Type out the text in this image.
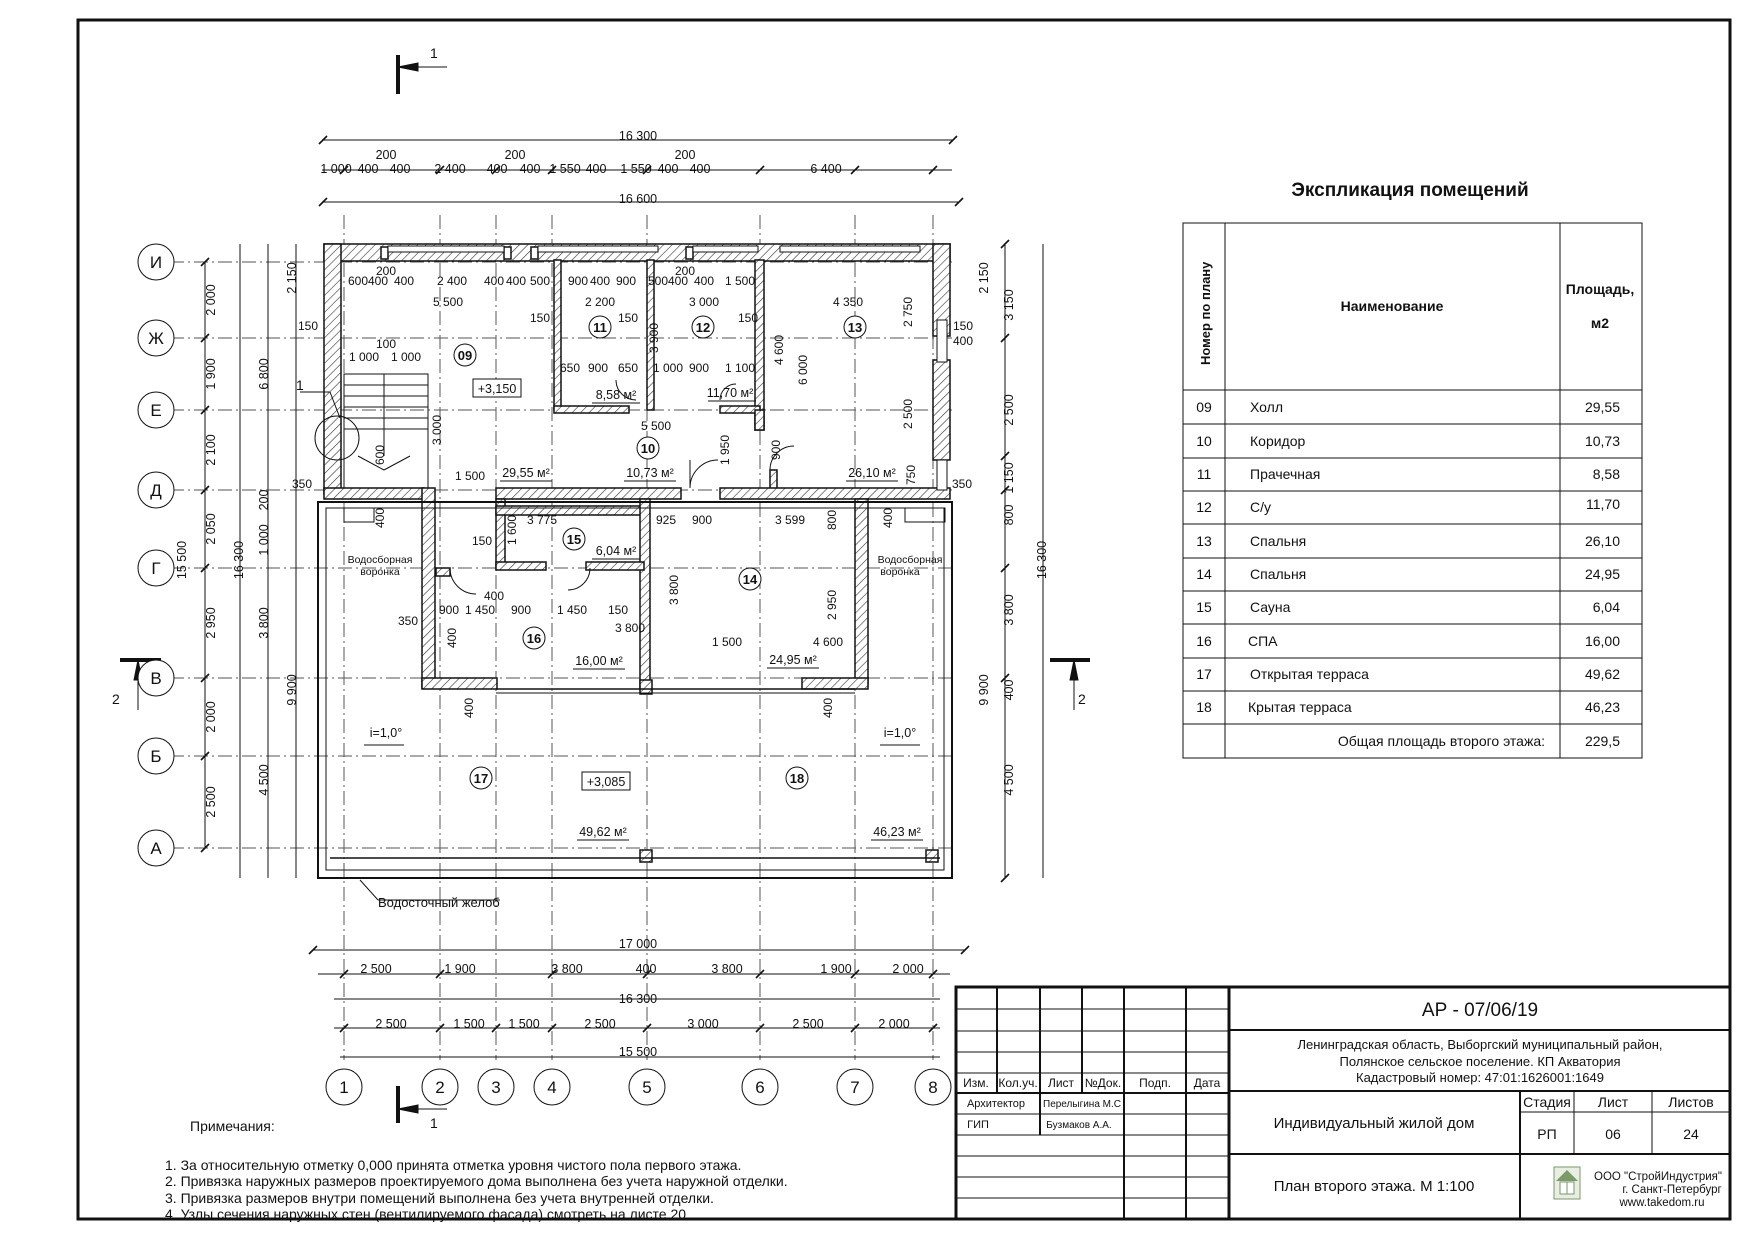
1
1
2	2
1
16 300
16 600
1 000 400 400 2 400 400 400 1 550 400 1 550 400 400	6 400
200	200	200
17 000
2 500	1 900	3 800	400	3 800	1 900	2 000
16 300
2 500	1 500 1 500	2 500	3 000	2 500	2 000
15 500
2 000
1 900
2 100
2 050
2 950
2 000
2 500
6 800
200
1 000
3 800
4 500
15 500	16 300
2 150
9 900
2 150
3 150
2 500
1 150
800
3 800
400
4 500
16 300
9 900
600 400 400 2 400 400 400 500 900 400 900 500 400 400 1 500
200	200
5 500	2 200	3 000	4 350
150
150	150	150
150
400
100
1 000 1 000
3 900
650 900 650 1 000 900 1 100
4 600
6 000
2 750
2 500
5 500
3 000
1 500
1 950	900
750
350	350
3 775	925 900	3 599 800	400
1 600
150
400
400
350
900 1 450 900 1 450 150
3 800
1 500	4 600
3 800	2 950
400
400	400
600
09
10
11	12	13
14
15
16
17	18
29,55 м²	10,73 м²
8,58 м²	11,70 м²
26,10 м²
24,95 м²
6,04 м²
16,00 м²
49,62 м²	46,23 м²
+3,150
+3,085
i=1,0°	i=1,0°
Водосборная
воронка
Водосборная
воронка
Водосточный желоб
И
Ж
Е
Д
Г
В
Б
А
1	2	3	4	5	6	7	8
Номер по плану	Наименование
Площадь,
м2
09	Холл	29,55
10	Коридор	10,73
11	Прачечная	8,58
12	С/у	11,70
13	Спальня	26,10
14	Спальня	24,95
15	Сауна	6,04
16	СПА	16,00
17	Открытая терраса	49,62
18	Крытая терраса	46,23
Общая площадь второго этажа:	229,5
Изм. Кол.уч. Лист №Док. Подп. Дата
Архитектор Перелыгина М.С
ГИП	Бузмаков А.А.
АР - 07/06/19
Ленинградская область, Выборгский муниципальный район,
Полянское сельское поселение. КП Акватория
Кадастровый номер: 47:01:1626001:1649
Индивидуальный жилой дом
План второго этажа. М 1:100
Стадия Лист	Листов
РП	06	24
ООО "СтройИндустрия"
г. Санкт-Петербург
www.takedom.ru
Экспликация помещений
Примечания:
1. За относительную отметку 0,000 принята отметка уровня чистого пола первого этажа.
2. Привязка наружных размеров проектируемого дома выполнена без учета наружной отделки.
3. Привязка размеров внутри помещений выполнена без учета внутренней отделки.
4. Узлы сечения наружных стен (вентилируемого фасада) смотреть на листе 20.
